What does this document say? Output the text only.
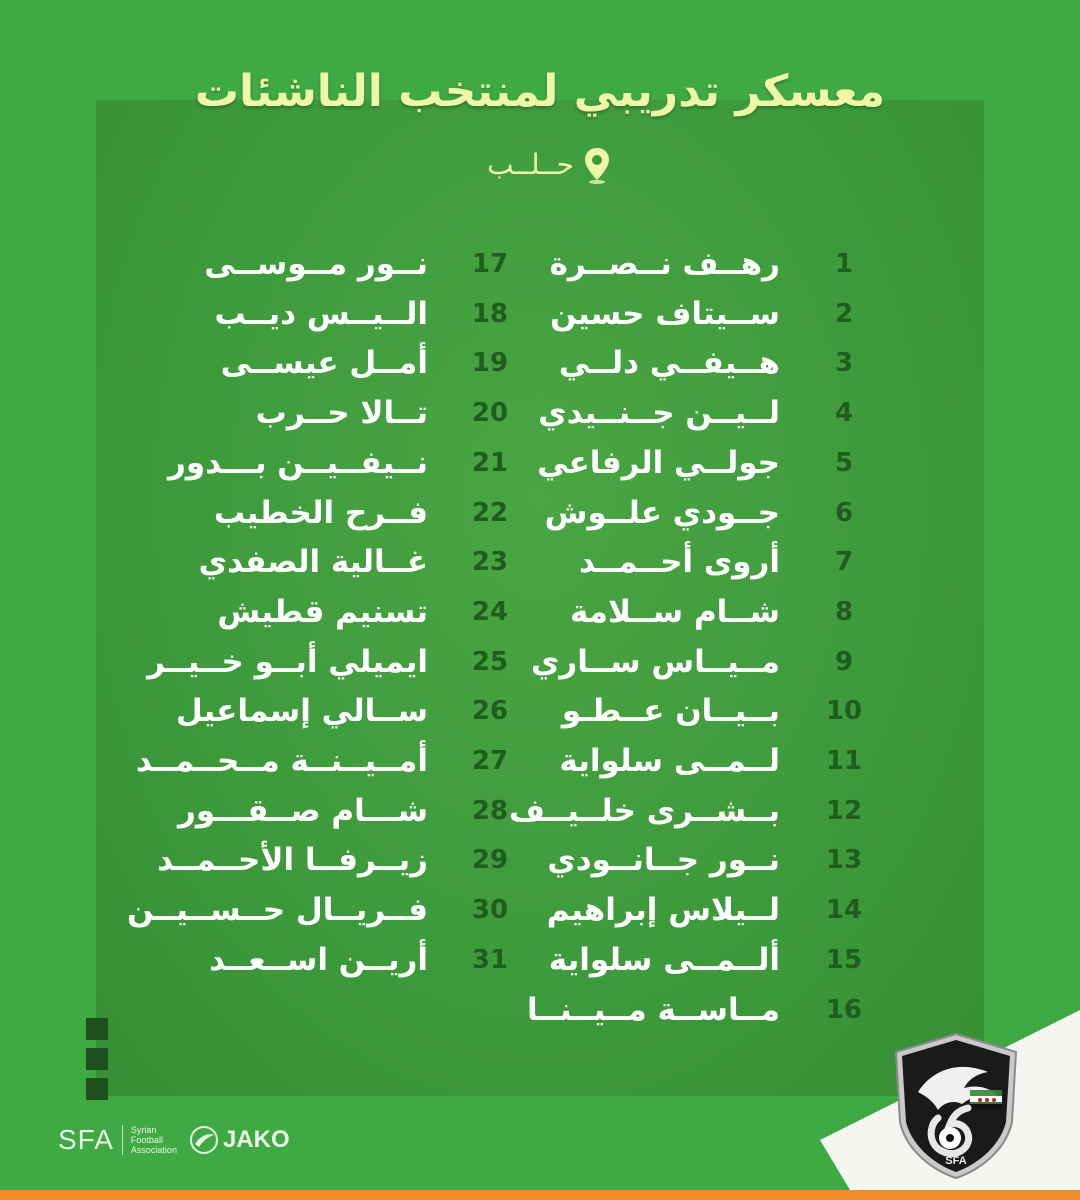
معسكر تدريبي لمنتخب الناشئات
حــلــب
رهــف نــصــرة	1
ســيتاف حسين	2
هــيفــي دلــي	3
لــيــن جــنــيدي	4
جولــي الرفاعي	5
جــودي علــوش	6
أروى أحــمــد	7
شــام ســلامة	8
مــيــاس ســاري	9
بــيــان عــطـو	10
لــمــى سلواية	11
بــشــرى خلــيــف	12
نــور جــانــودي	13
لــيلاس إبراهيم	14
ألــمــى سلواية	15
مــاســة مــيــنــا	16
نــور مــوســى	17
الــيــس ديــب	18
أمــل عيســى	19
تــالا حــرب	20
نــيفــيــن بـــدور	21
فــرح الخطيب	22
غــالية الصفدي	23
تسنيم قطيش	24
ايميلي أبــو خــيــر	25
ســالي إسماعيل	26
أمــيــنــة مــحــمــد	27
شـــام صــقـــور	28
زيــرفــا الأحــمــد	29
فــريــال حــســيــن	30
أريــن اســعــد	31
SFA Syrian
Football
Association JAKO
SFA
